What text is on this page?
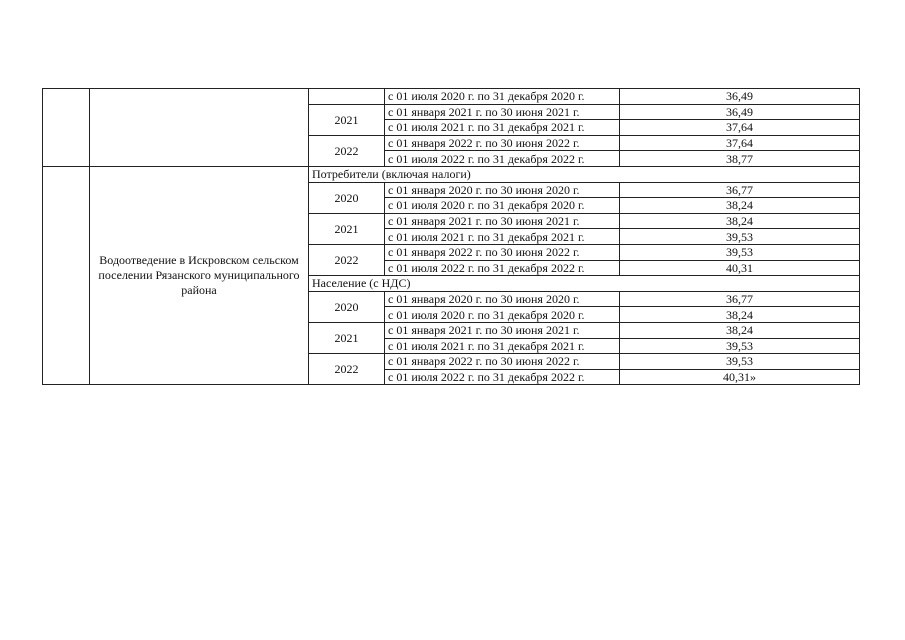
			с 01 июля 2020 г. по 31 декабря 2020 г.	36,49
		2021	с 01 января 2021 г. по 30 июня 2021 г.	36,49
			с 01 июля 2021 г. по 31 декабря 2021 г.	37,64
		2022	с 01 января 2022 г. по 30 июня 2022 г.	37,64
			с 01 июля 2022 г. по 31 декабря 2022 г.	38,77
	Водоотведение в Искровском сельском поселении Рязанского муниципального района	Потребители (включая налоги)		
		2020	с 01 января 2020 г. по 30 июня 2020 г.	36,77
			с 01 июля 2020 г. по 31 декабря 2020 г.	38,24
		2021	с 01 января 2021 г. по 30 июня 2021 г.	38,24
			с 01 июля 2021 г. по 31 декабря 2021 г.	39,53
		2022	с 01 января 2022 г. по 30 июня 2022 г.	39,53
			с 01 июля 2022 г. по 31 декабря 2022 г.	40,31
		Население (с НДС)		
		2020	с 01 января 2020 г. по 30 июня 2020 г.	36,77
			с 01 июля 2020 г. по 31 декабря 2020 г.	38,24
		2021	с 01 января 2021 г. по 30 июня 2021 г.	38,24
			с 01 июля 2021 г. по 31 декабря 2021 г.	39,53
		2022	с 01 января 2022 г. по 30 июня 2022 г.	39,53
			с 01 июля 2022 г. по 31 декабря 2022 г.	40,31»
